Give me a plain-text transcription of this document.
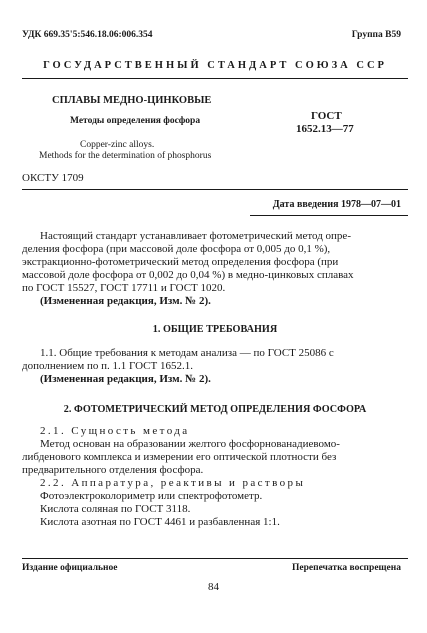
УДК 669.35'5:546.18.06:006.354	Группа В59
ГОСУДАРСТВЕННЫЙ СТАНДАРТ СОЮЗА ССР
СПЛАВЫ МЕДНО-ЦИНКОВЫЕ
Методы определения фосфора
Copper-zinc alloys.
Methods for the determination of phosphorus
ГОСТ
1652.13—77
ОКСТУ 1709
Дата введения 1978—07—01
Настоящий стандарт устанавливает фотометрический метод опре-
деления фосфора (при массовой доле фосфора от 0,005 до 0,1 %),
экстракционно-фотометрический метод определения фосфора (при
массовой доле фосфора от 0,002 до 0,04 %) в медно-цинковых сплавах
по ГОСТ 15527, ГОСТ 17711 и ГОСТ 1020.
(Измененная редакция, Изм. № 2).
1. ОБЩИЕ ТРЕБОВАНИЯ
1.1. Общие требования к методам анализа — по ГОСТ 25086 с
дополнением по п. 1.1 ГОСТ 1652.1.
(Измененная редакция, Изм. № 2).
2. ФОТОМЕТРИЧЕСКИЙ МЕТОД ОПРЕДЕЛЕНИЯ ФОСФОРА
2.1. Сущность метода
Метод основан на образовании желтого фосфорнованадиевомо-
либденового комплекса и измерении его оптической плотности без
предварительного отделения фосфора.
2.2. Аппаратура, реактивы и растворы
Фотоэлектроколориметр или спектрофотометр.
Кислота соляная по ГОСТ 3118.
Кислота азотная по ГОСТ 4461 и разбавленная 1:1.
Издание официальное	Перепечатка воспрещена
84
